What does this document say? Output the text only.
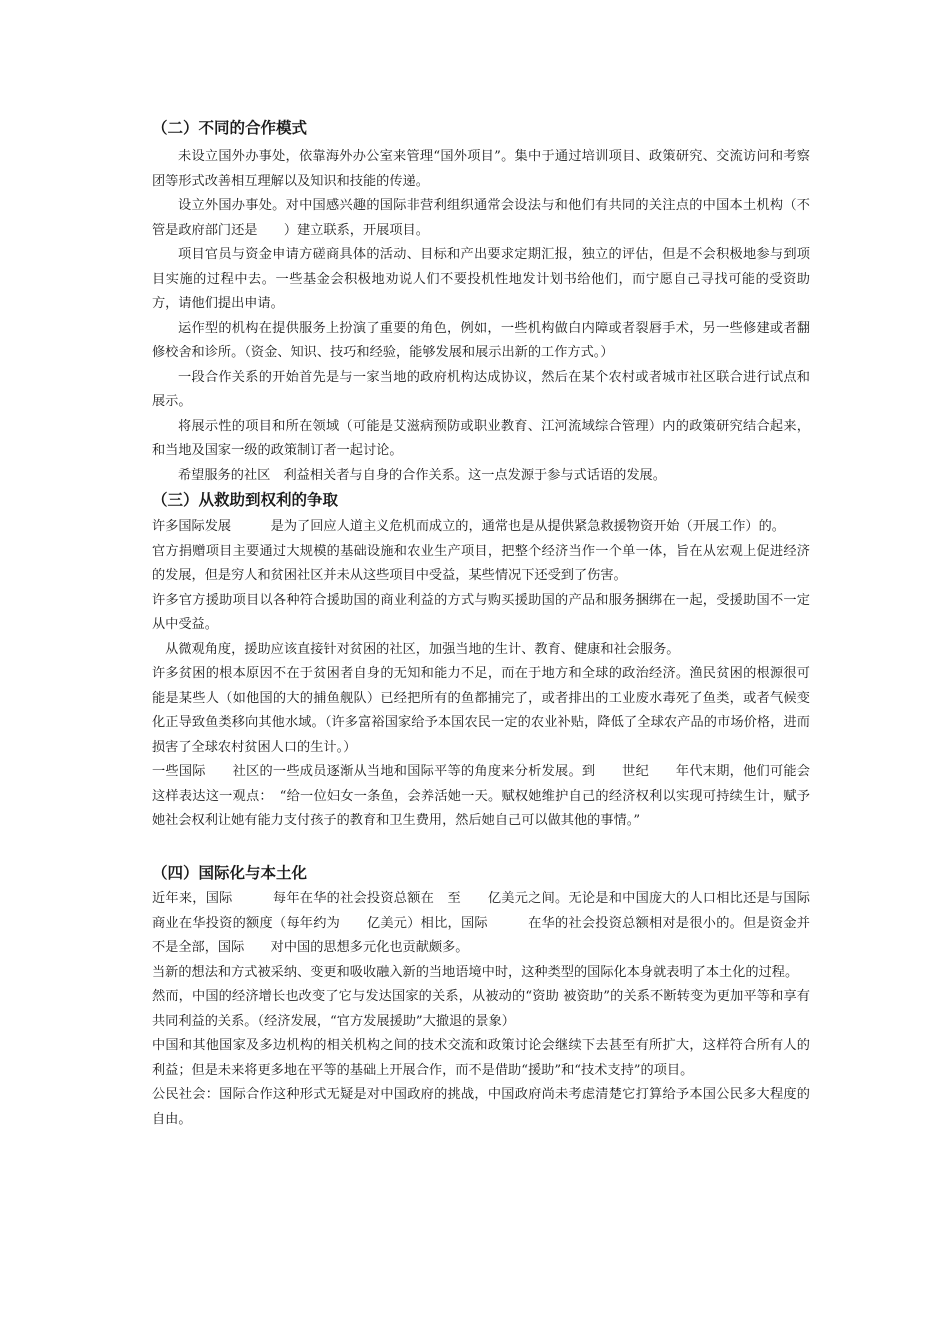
（二）不同的合作模式

未设立国外办事处，依靠海外办公室来管理“国外项目”。集中于通过培训项目、政策研究、交流访问和考察团等形式改善相互理解以及知识和技能的传递。

设立外国办事处。对中国感兴趣的国际非营利组织通常会设法与和他们有共同的关注点的中国本土机构（不管是政府部门还是　　）建立联系，开展项目。

项目官员与资金申请方磋商具体的活动、目标和产出要求定期汇报，独立的评估，但是不会积极地参与到项目实施的过程中去。一些基金会积极地劝说人们不要投机性地发计划书给他们，而宁愿自己寻找可能的受资助方，请他们提出申请。

运作型的机构在提供服务上扮演了重要的角色，例如，一些机构做白内障或者裂唇手术，另一些修建或者翻修校舍和诊所。（资金、知识、技巧和经验，能够发展和展示出新的工作方式。）

一段合作关系的开始首先是与一家当地的政府机构达成协议，然后在某个农村或者城市社区联合进行试点和展示。

将展示性的项目和所在领域（可能是艾滋病预防或职业教育、江河流域综合管理）内的政策研究结合起来，和当地及国家一级的政策制订者一起讨论。

希望服务的社区　利益相关者与自身的合作关系。这一点发源于参与式话语的发展。

（三）从救助到权利的争取

许多国际发展　　　是为了回应人道主义危机而成立的，通常也是从提供紧急救援物资开始（开展工作）的。

官方捐赠项目主要通过大规模的基础设施和农业生产项目，把整个经济当作一个单一体，旨在从宏观上促进经济的发展，但是穷人和贫困社区并未从这些项目中受益，某些情况下还受到了伤害。

许多官方援助项目以各种符合援助国的商业利益的方式与购买援助国的产品和服务捆绑在一起，受援助国不一定从中受益。

　从微观角度，援助应该直接针对贫困的社区，加强当地的生计、教育、健康和社会服务。

许多贫困的根本原因不在于贫困者自身的无知和能力不足，而在于地方和全球的政治经济。渔民贫困的根源很可能是某些人（如他国的大的捕鱼舰队）已经把所有的鱼都捕完了，或者排出的工业废水毒死了鱼类，或者气候变化正导致鱼类移向其他水域。（许多富裕国家给予本国农民一定的农业补贴，降低了全球农产品的市场价格，进而损害了全球农村贫困人口的生计。）

一些国际　　社区的一些成员逐渐从当地和国际平等的角度来分析发展。到　　世纪　　年代末期，他们可能会这样表达这一观点：　“给一位妇女一条鱼，会养活她一天。赋权她维护自己的经济权利以实现可持续生计，赋予她社会权利让她有能力支付孩子的教育和卫生费用，然后她自己可以做其他的事情。”

（四）国际化与本土化

近年来，国际　　　每年在华的社会投资总额在　至　　亿美元之间。无论是和中国庞大的人口相比还是与国际商业在华投资的额度（每年约为　　亿美元）相比，国际　　　在华的社会投资总额相对是很小的。但是资金并不是全部，国际　　对中国的思想多元化也贡献颇多。

当新的想法和方式被采纳、变更和吸收融入新的当地语境中时，这种类型的国际化本身就表明了本土化的过程。

然而，中国的经济增长也改变了它与发达国家的关系，从被动的“资助 被资助”的关系不断转变为更加平等和享有共同利益的关系。（经济发展，“官方发展援助”大撤退的景象）

中国和其他国家及多边机构的相关机构之间的技术交流和政策讨论会继续下去甚至有所扩大，这样符合所有人的利益；但是未来将更多地在平等的基础上开展合作，而不是借助“援助”和“技术支持”的项目。

公民社会：国际合作这种形式无疑是对中国政府的挑战，中国政府尚未考虑清楚它打算给予本国公民多大程度的自由。
